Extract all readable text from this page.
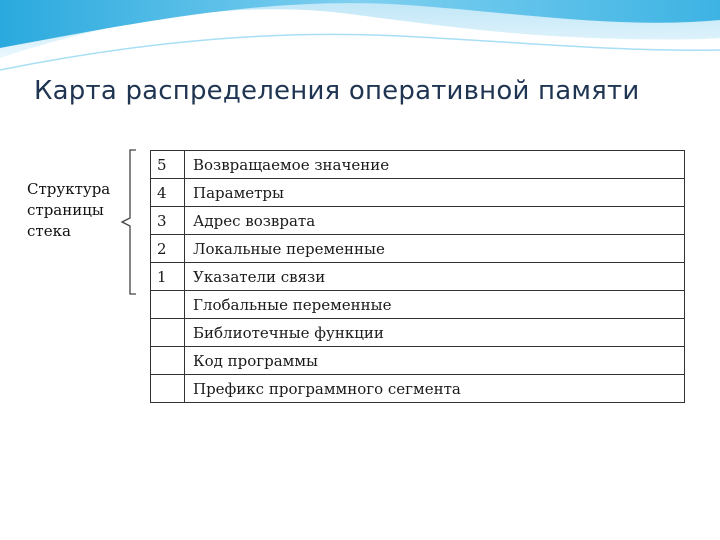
Карта распределения оперативной памяти
Структура
страницы
стека
5	Возвращаемое значение
4	Параметры
3	Адрес возврата
2	Локальные переменные
1	Указатели связи
	Глобальные переменные
	Библиотечные функции
	Код программы
	Префикс программного сегмента
